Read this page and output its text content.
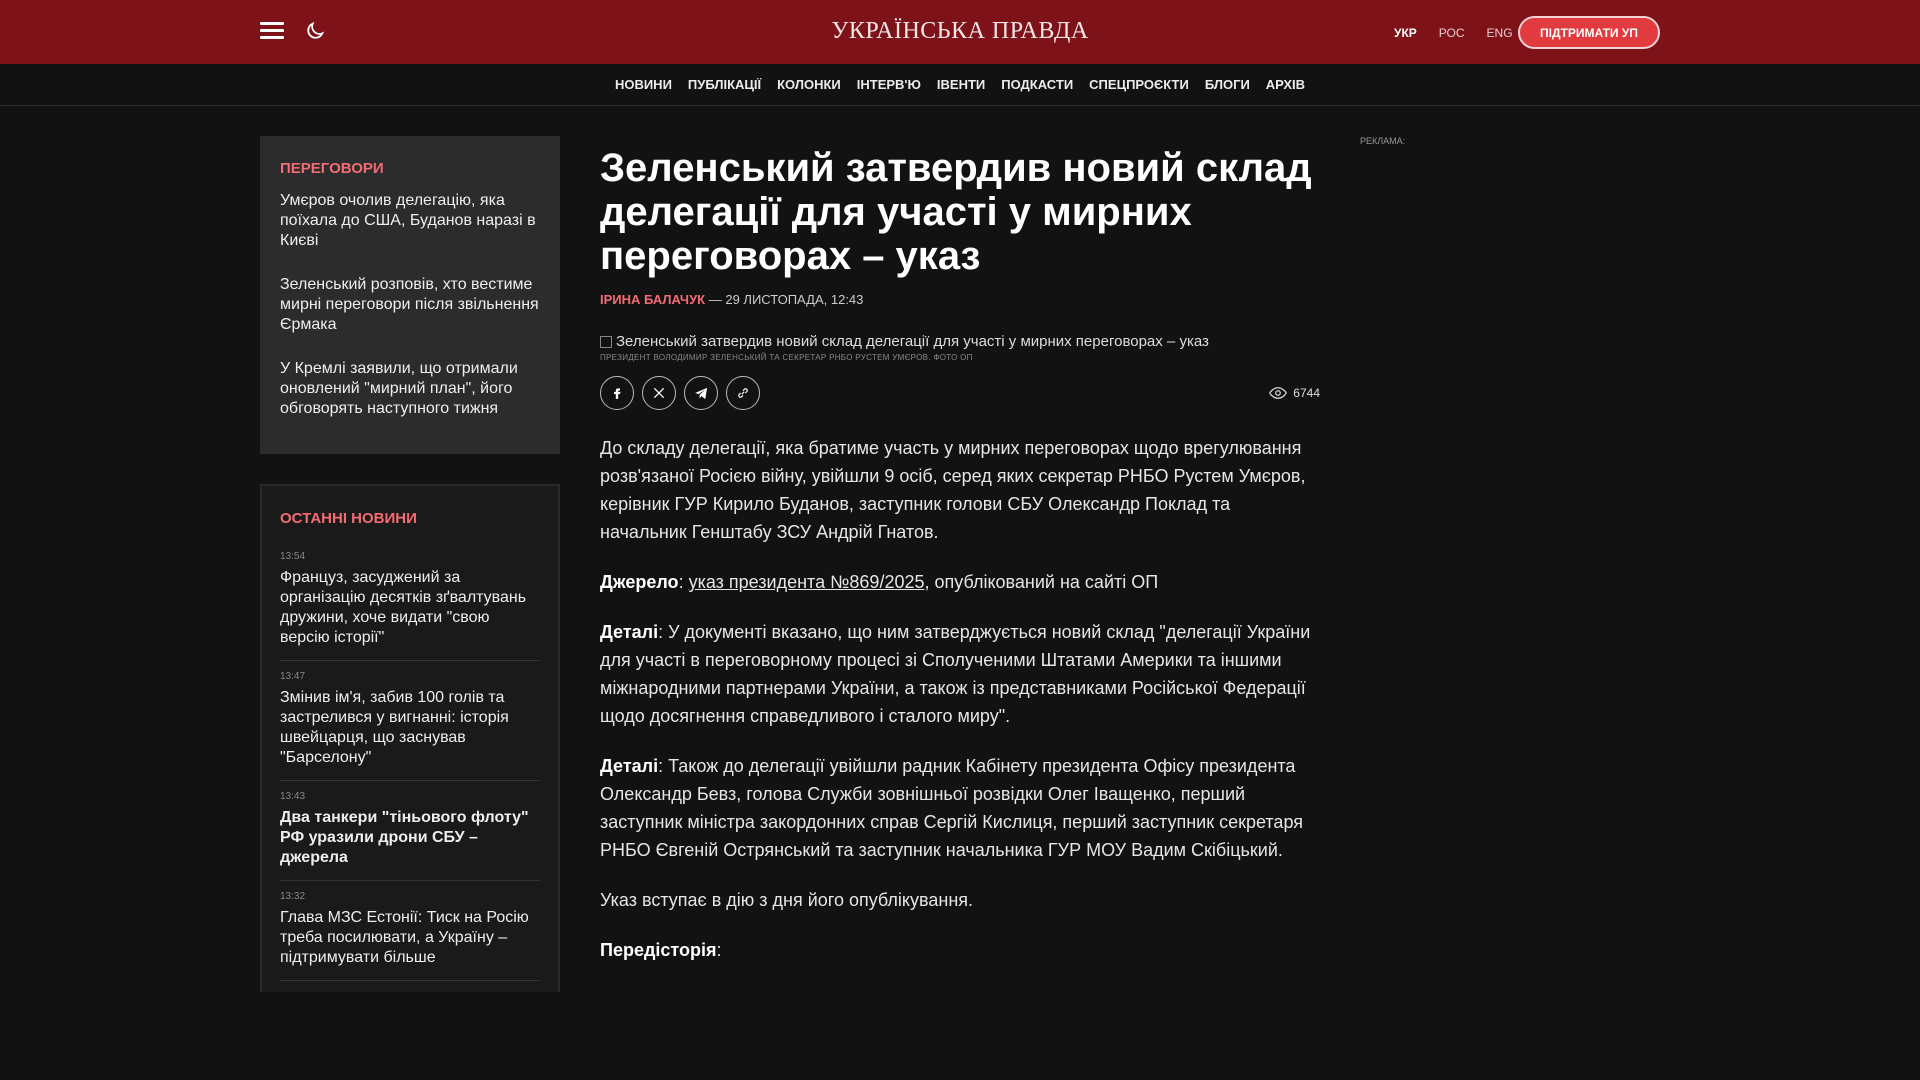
УКРАЇНСЬКА ПРАВДА	УКР РОС ENG	ПІДТРИМАТИ УП
НОВИНИ ПУБЛІКАЦІЇ КОЛОНКИ ІНТЕРВ'Ю ІВЕНТИ ПОДКАСТИ СПЕЦПРОЄКТИ БЛОГИ АРХІВ
ПЕРЕГОВОРИ
Умєров очолив делегацію, яка поїхала до США, Буданов наразі в Києві
Зеленський розповів, хто вестиме мирні переговори після звільнення Єрмака
У Кремлі заявили, що отримали оновлений "мирний план", його обговорять наступного тижня
ОСТАННІ НОВИНИ
13:54
Француз, засуджений за організацію десятків зґвалтувань дружини, хоче видати "свою версію історії"
13:47
Змінив ім'я, забив 100 голів та застрелився у вигнанні: історія швейцарця, що заснував "Барселону"
13:43
Два танкери "тіньового флоту" РФ уразили дрони СБУ – джерела
13:32
Глава МЗС Естонії: Тиск на Росію треба посилювати, а Україну – підтримувати більше
Зеленський затвердив новий склад делегації для участі у мирних переговорах – указ
ІРИНА БАЛАЧУК — 29 ЛИСТОПАДА, 12:43
Зеленський затвердив новий склад делегації для участі у мирних переговорах – указ
ПРЕЗИДЕНТ ВОЛОДИМИР ЗЕЛЕНСЬКИЙ ТА СЕКРЕТАР РНБО РУСТЕМ УМЄРОВ. ФОТО ОП
6744

До складу делегації, яка братиме участь у мирних переговорах щодо врегулювання розв'язаної Росією війну, увійшли 9 осіб, серед яких секретар РНБО Рустем Умєров, керівник ГУР Кирило Буданов, заступник голови СБУ Олександр Поклад та начальник Генштабу ЗСУ Андрій Гнатов.

Джерело: указ президента №869/2025, опублікований на сайті ОП

Деталі: У документі вказано, що ним затверджується новий склад "делегації України для участі в переговорному процесі зі Сполученими Штатами Америки та іншими міжнародними партнерами України, а також із представниками Російської Федерації щодо досягнення справедливого і сталого миру".

Деталі: Також до делегації увійшли радник Кабінету президента Офісу президента Олександр Бевз, голова Служби зовнішньої розвідки Олег Іващенко, перший заступник міністра закордонних справ Сергій Кислиця, перший заступник секретаря РНБО Євгеній Острянський та заступник начальника ГУР МОУ Вадим Скібіцький.

Указ вступає в дію з дня його опублікування.

Передісторія:

РЕКЛАМА:
